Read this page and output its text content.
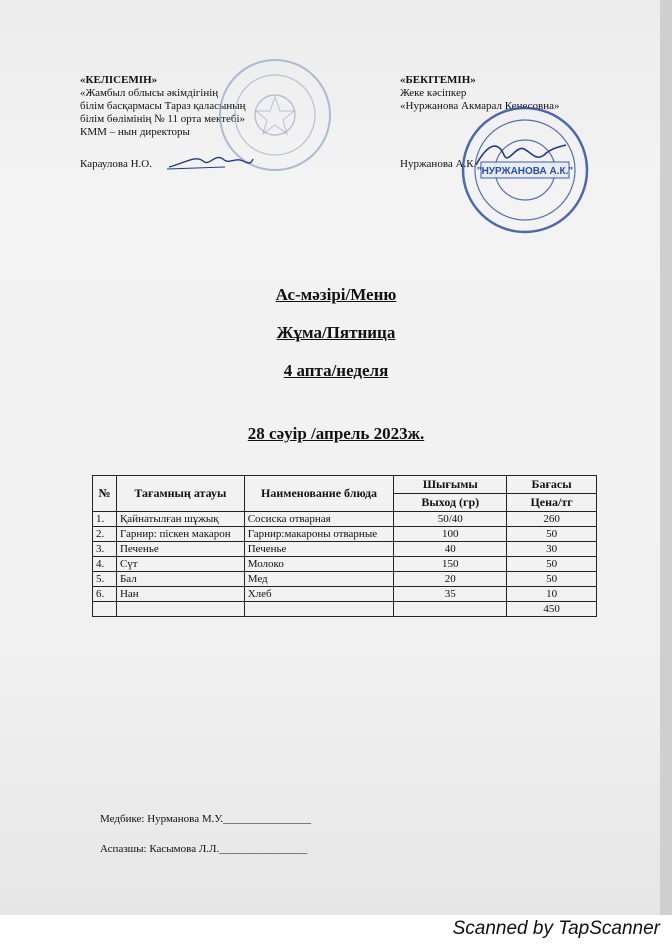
«КЕЛІСЕМІН»
«Жамбыл облысы әкімдігінің
білім басқармасы Тараз қаласының
білім бөлімінің № 11 орта мектебі»
КММ – нын директоры
Караулова Н.О.
«БЕКІТЕМІН»
Жеке кәсіпкер
«Нуржанова Акмарал Кенесовна»
Нуржанова А.К.
"НУРЖАНОВА А.К."
Ас-мәзірі/Меню
Жұма/Пятница
4 апта/неделя
28 сәуір /апрель 2023ж.
№	Тағамның атауы	Наименование блюда	Шығымы	Бағасы
			Выход (гр)	Цена/тг
1.	Қайнатылған шұжық	Сосиска отварная	50/40	260
2.	Гарнир: піскен макарон	Гарнир:макароны отварные	100	50
3.	Печенье	Печенье	40	30
4.	Сүт	Молоко	150	50
5.	Бал	Мед	20	50
6.	Нан	Хлеб	35	10
				450
Медбике: Нурманова М.У.________________
Аспазшы: Касымова Л.Л.________________
Scanned by TapScanner
